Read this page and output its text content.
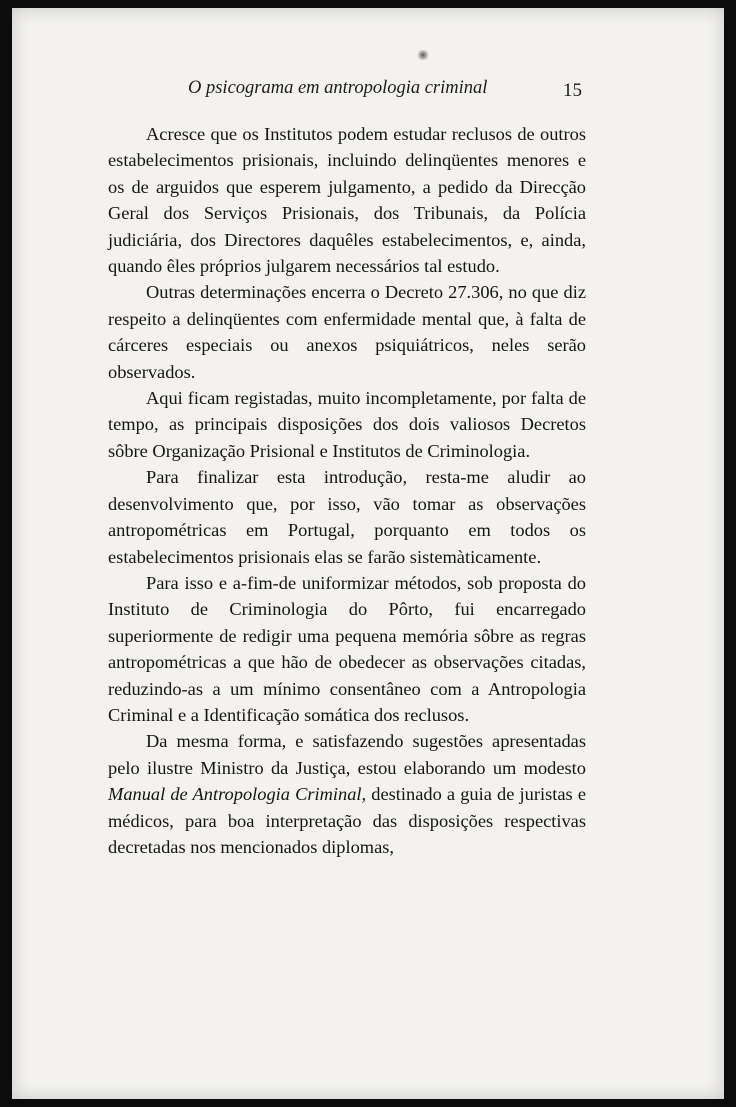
O psicograma em antropologia criminal	15

Acresce que os Institutos podem estudar reclusos de outros estabelecimentos prisionais, incluindo delinqüentes menores e os de arguidos que esperem julgamento, a pedido da Direcção Geral dos Serviços Prisionais, dos Tribunais, da Polícia judiciária, dos Directores daquêles estabelecimentos, e, ainda, quando êles próprios julgarem necessários tal estudo.

Outras determinações encerra o Decreto 27.306, no que diz respeito a delinqüentes com enfermidade mental que, à falta de cárceres especiais ou anexos psiquiátricos, neles serão observados.

Aqui ficam registadas, muito incompletamente, por falta de tempo, as principais disposições dos dois valiosos Decretos sôbre Organização Prisional e Institutos de Criminologia.

Para finalizar esta introdução, resta-me aludir ao desenvolvimento que, por isso, vão tomar as observações antropométricas em Portugal, porquanto em todos os estabelecimentos prisionais elas se farão sistemàticamente.

Para isso e a-fim-de uniformizar métodos, sob proposta do Instituto de Criminologia do Pôrto, fui encarregado superiormente de redigir uma pequena memória sôbre as regras antropométricas a que hão de obedecer as observações citadas, reduzindo-as a um mínimo consentâneo com a Antropologia Criminal e a Identificação somática dos reclusos.

Da mesma forma, e satisfazendo sugestões apresentadas pelo ilustre Ministro da Justiça, estou elaborando um modesto Manual de Antropologia Criminal, destinado a guia de juristas e médicos, para boa interpretação das disposições respectivas decretadas nos mencionados diplomas,
